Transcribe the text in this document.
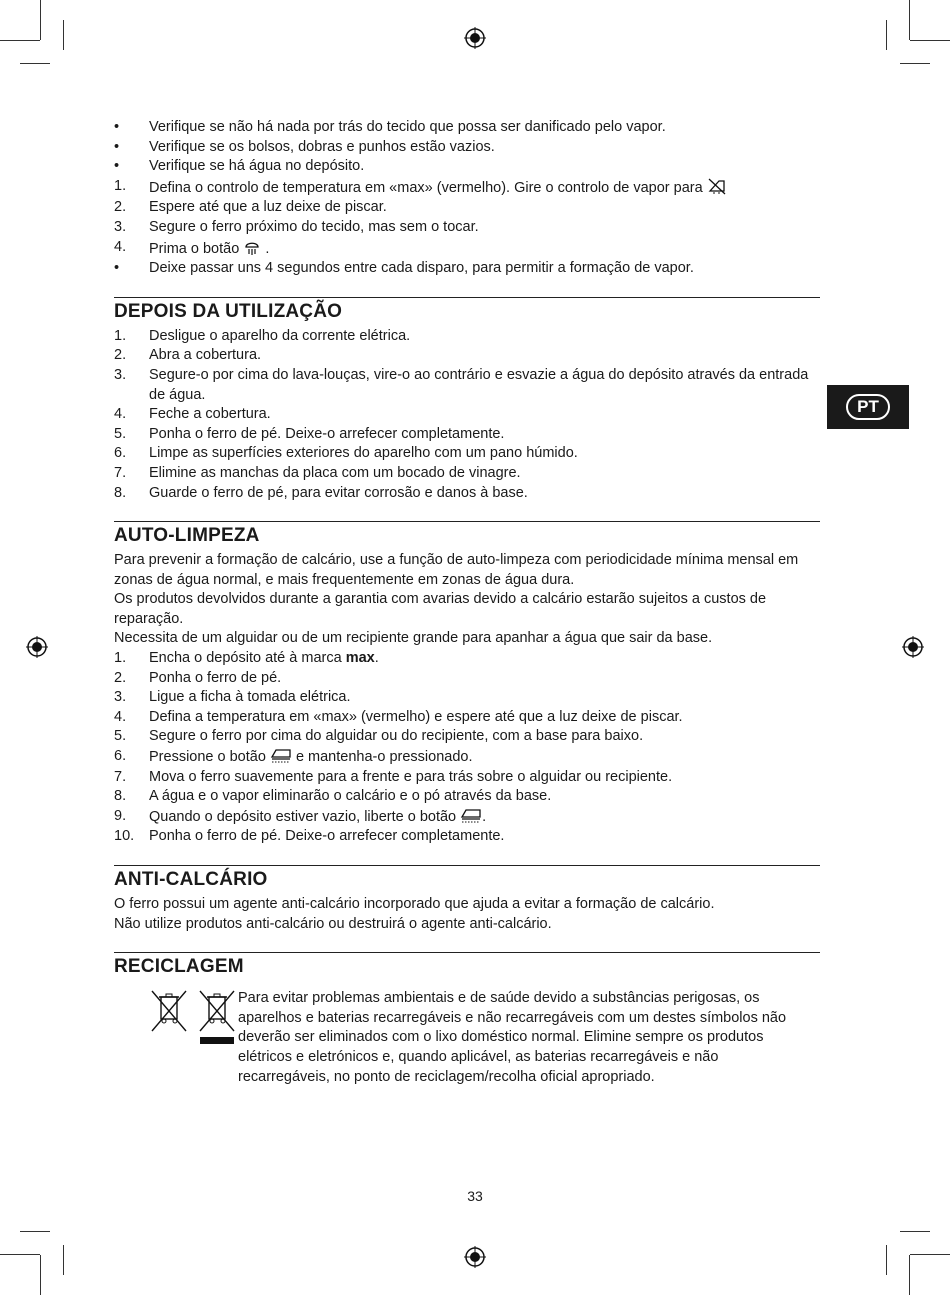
PT
•	Verifique se não há nada por trás do tecido que possa ser danificado pelo vapor.
•	Verifique se os bolsos, dobras e punhos estão vazios.
•	Verifique se há água no depósito.
1.	Defina o controlo de temperatura em «max» (vermelho). Gire o controlo de vapor para
2.	Espere até que a luz deixe de piscar.
3.	Segure o ferro próximo do tecido, mas sem o tocar.
4.	Prima o botão  .
•	Deixe passar uns 4 segundos entre cada disparo, para permitir a formação de vapor.
DEPOIS DA UTILIZAÇÃO
1.	Desligue o aparelho da corrente elétrica.
2.	Abra a cobertura.
3.	Segure-o por cima do lava-louças, vire-o ao contrário e esvazie a água do depósito através da entrada de água.
4.	Feche a cobertura.
5.	Ponha o ferro de pé. Deixe-o arrefecer completamente.
6.	Limpe as superfícies exteriores do aparelho com um pano húmido.
7.	Elimine as manchas da placa com um bocado de vinagre.
8.	Guarde o ferro de pé, para evitar corrosão e danos à base.
AUTO-LIMPEZA

Para prevenir a formação de calcário, use a função de auto-limpeza com periodicidade mínima mensal em zonas de água normal, e mais frequentemente em zonas de água dura.

Os produtos devolvidos durante a garantia com avarias devido a calcário estarão sujeitos a custos de reparação.

Necessita de um alguidar ou de um recipiente grande para apanhar a água que sair da base.

1.	Encha o depósito até à marca max.
2.	Ponha o ferro de pé.
3.	Ligue a ficha à tomada elétrica.
4.	Defina a temperatura em «max» (vermelho) e espere até que a luz deixe de piscar.
5.	Segure o ferro por cima do alguidar ou do recipiente, com a base para baixo.
6.	Pressione o botão  e mantenha-o pressionado.
7.	Mova o ferro suavemente para a frente e para trás sobre o alguidar ou recipiente.
8.	A água e o vapor eliminarão o calcário e o pó através da base.
9.	Quando o depósito estiver vazio, liberte o botão .
10.	Ponha o ferro de pé. Deixe-o arrefecer completamente.
ANTI-CALCÁRIO

O ferro possui um agente anti-calcário incorporado que ajuda a evitar a formação de calcário.

Não utilize produtos anti-calcário ou destruirá o agente anti-calcário.

RECICLAGEM

Para evitar problemas ambientais e de saúde devido a substâncias perigosas, os aparelhos e baterias recarregáveis e não recarregáveis com um destes símbolos não deverão ser eliminados com o lixo doméstico normal. Elimine sempre os produtos elétricos e eletrónicos e, quando aplicável, as baterias recarregáveis e não recarregáveis, no ponto de reciclagem/recolha oficial apropriado.

33
